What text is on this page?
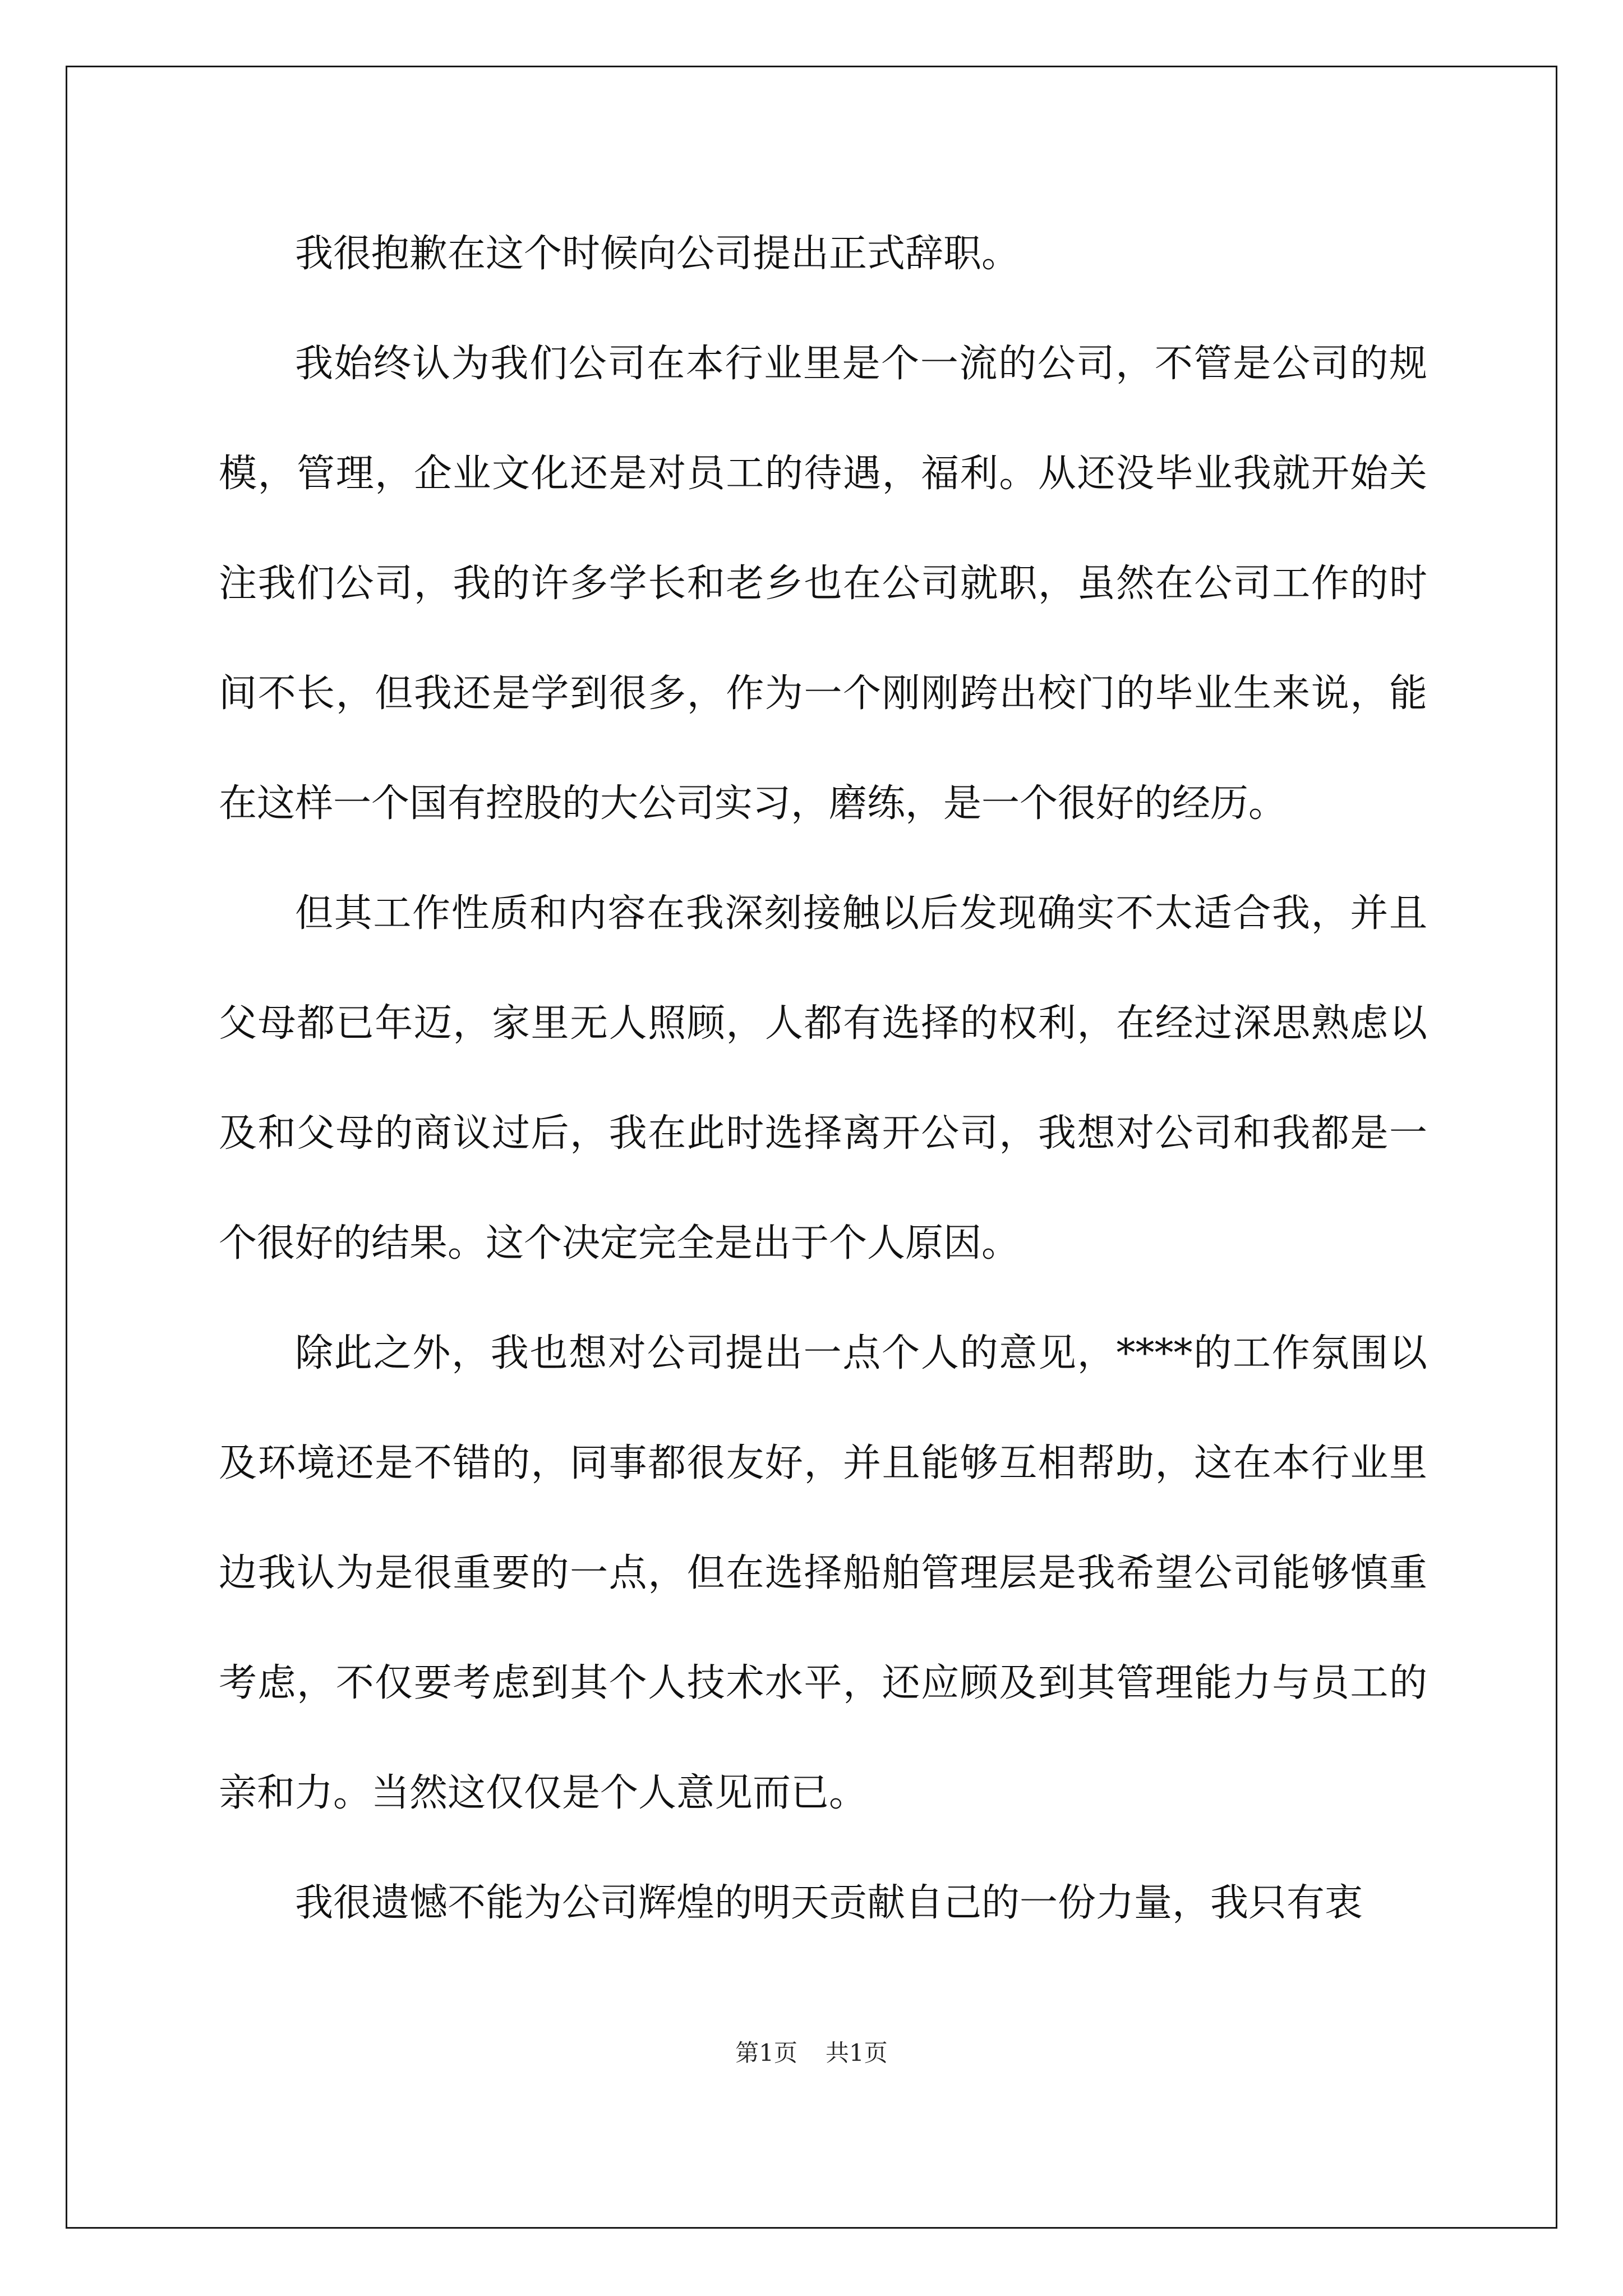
我很抱歉在这个时候向公司提出正式辞职。

我始终认为我们公司在本行业里是个一流的公司，不管是公司的规模，管理，企业文化还是对员工的待遇，福利。从还没毕业我就开始关注我们公司，我的许多学长和老乡也在公司就职，虽然在公司工作的时间不长，但我还是学到很多，作为一个刚刚跨出校门的毕业生来说，能在这样一个国有控股的大公司实习，磨练，是一个很好的经历。

但其工作性质和内容在我深刻接触以后发现确实不太适合我，并且父母都已年迈，家里无人照顾，人都有选择的权利，在经过深思熟虑以及和父母的商议过后，我在此时选择离开公司，我想对公司和我都是一个很好的结果。这个决定完全是出于个人原因。

除此之外，我也想对公司提出一点个人的意见，****的工作氛围以及环境还是不错的，同事都很友好，并且能够互相帮助，这在本行业里边我认为是很重要的一点，但在选择船舶管理层是我希望公司能够慎重考虑，不仅要考虑到其个人技术水平，还应顾及到其管理能力与员工的亲和力。当然这仅仅是个人意见而已。

我很遗憾不能为公司辉煌的明天贡献自己的一份力量，我只有衷

第1页 共1页
